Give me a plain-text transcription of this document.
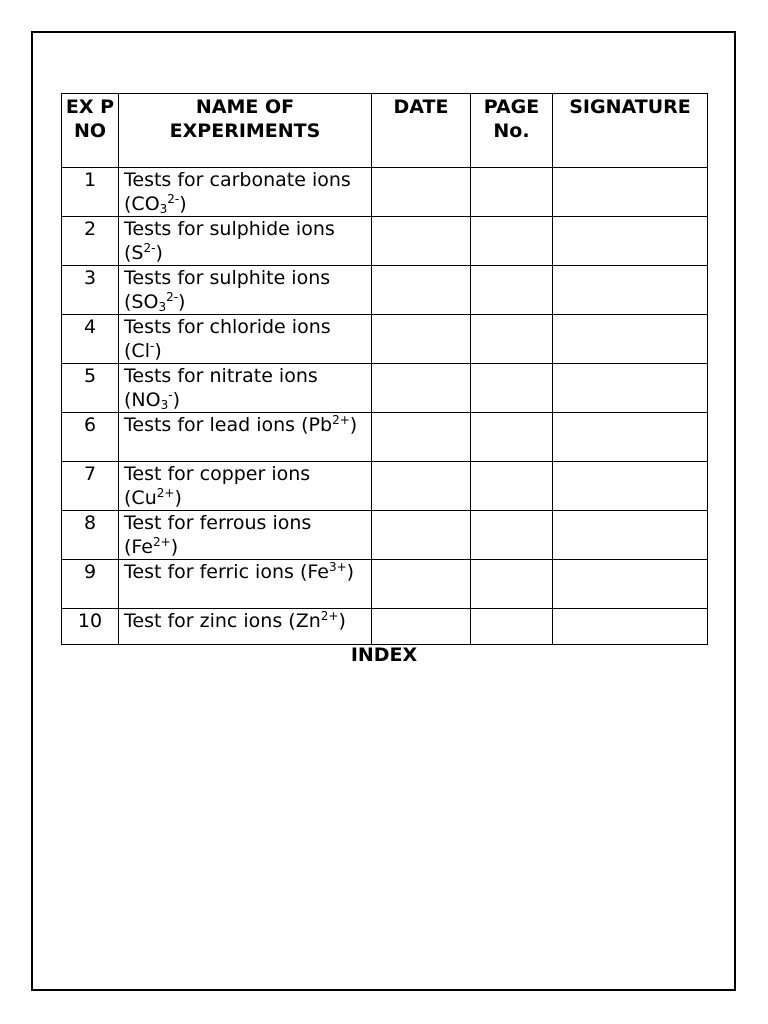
EX P NO	NAME OF EXPERIMENTS	DATE	PAGE No.	SIGNATURE
1	Tests for carbonate ions $(CO_3^{2-})$			
2	Tests for sulphide ions $(S^{2-})$			
3	Tests for sulphite ions $(SO_3^{2-})$			
4	Tests for chloride ions (Cl-)			
5	Tests for nitrate ions $(NO_3^-)$			
6	Tests for lead ions $(Pb^{2+})$			
7	Test for copper ions $(Cu^{2+})$			
8	Test for ferrous ions $(Fe^{2+})$			
9	Test for ferric ions $(Fe^{3+})$			
10	Test for zinc ions $(Zn^{2+})$			
INDEX
